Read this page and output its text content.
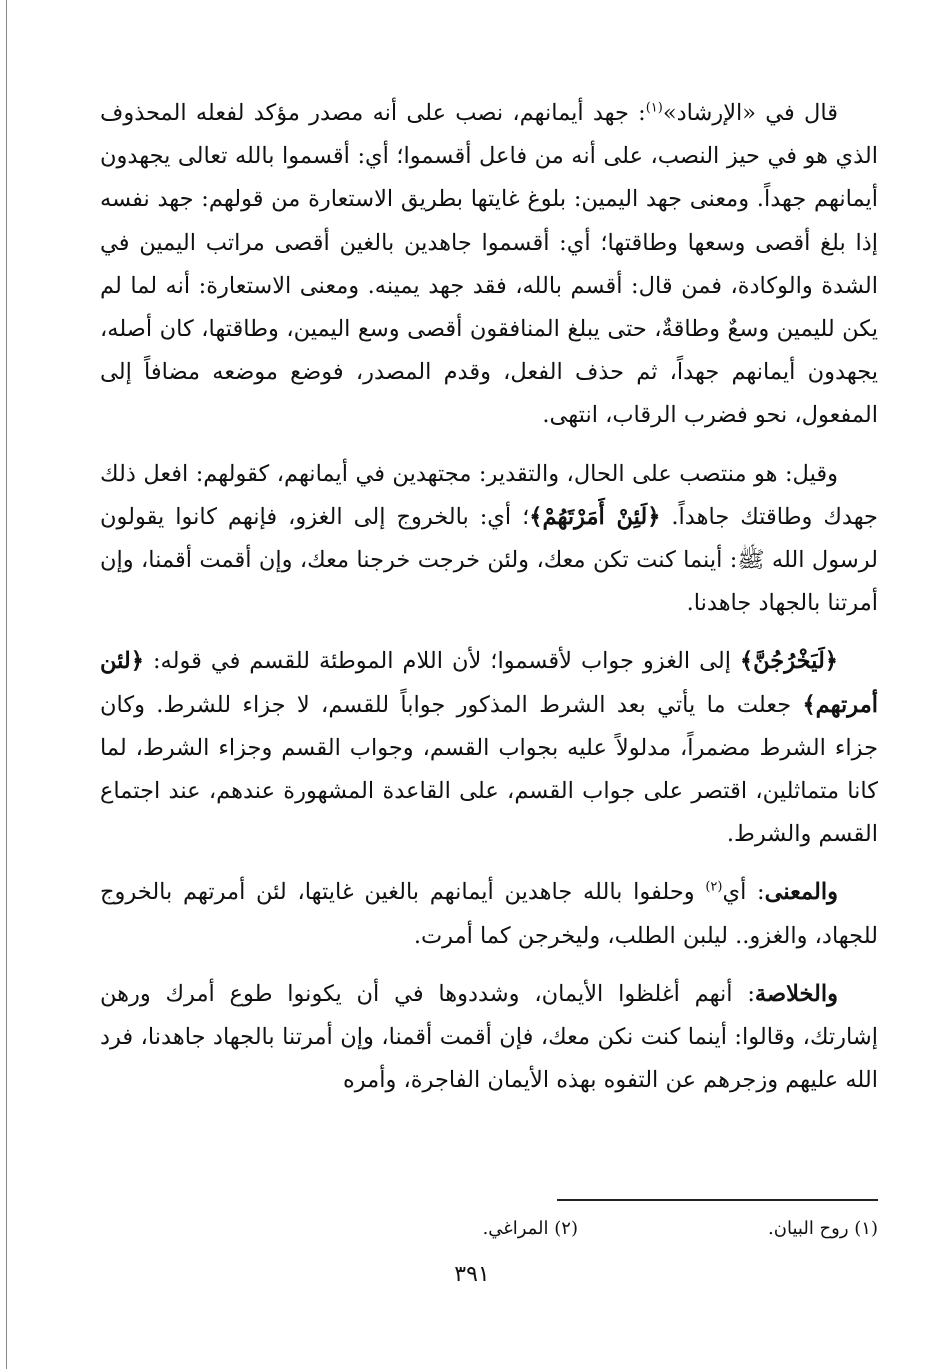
قال في «الإرشاد»$^{(١)}$: جهد أيمانهم، نصب على أنه مصدر مؤكد لفعله المحذوف الذي هو في حيز النصب، على أنه من فاعل أقسموا؛ أي: أقسموا بالله تعالى يجهدون أيمانهم جهداً. ومعنى جهد اليمين: بلوغ غايتها بطريق الاستعارة من قولهم: جهد نفسه إذا بلغ أقصى وسعها وطاقتها؛ أي: أقسموا جاهدين بالغين أقصى مراتب اليمين في الشدة والوكادة، فمن قال: أقسم بالله، فقد جهد يمينه. ومعنى الاستعارة: أنه لما لم يكن لليمين وسعٌ وطاقةٌ، حتى يبلغ المنافقون أقصى وسع اليمين، وطاقتها، كان أصله، يجهدون أيمانهم جهداً، ثم حذف الفعل، وقدم المصدر، فوضع موضعه مضافاً إلى المفعول، نحو فضرب الرقاب، انتهى.
وقيل: هو منتصب على الحال، والتقدير: مجتهدين في أيمانهم، كقولهم: افعل ذلك جهدك وطاقتك جاهداً. ﴿لَئِنْ أَمَرْتَهُمْ﴾؛ أي: بالخروج إلى الغزو، فإنهم كانوا يقولون لرسول الله ﷺ: أينما كنت تكن معك، ولئن خرجت خرجنا معك، وإن أقمت أقمنا، وإن أمرتنا بالجهاد جاهدنا.
﴿لَيَخْرُجُنَّ﴾ إلى الغزو جواب لأقسموا؛ لأن اللام الموطئة للقسم في قوله: ﴿لئن أمرتهم﴾ جعلت ما يأتي بعد الشرط المذكور جواباً للقسم، لا جزاء للشرط. وكان جزاء الشرط مضمراً، مدلولاً عليه بجواب القسم، وجواب القسم وجزاء الشرط، لما كانا متماثلين، اقتصر على جواب القسم، على القاعدة المشهورة عندهم، عند اجتماع القسم والشرط.
والمعنى: أي$^{(٢)}$ وحلفوا بالله جاهدين أيمانهم بالغين غايتها، لئن أمرتهم بالخروج للجهاد، والغزو.. ليلبن الطلب، وليخرجن كما أمرت.
والخلاصة: أنهم أغلظوا الأيمان، وشددوها في أن يكونوا طوع أمرك ورهن إشارتك، وقالوا: أينما كنت نكن معك، فإن أقمت أقمنا، وإن أمرتنا بالجهاد جاهدنا، فرد الله عليهم وزجرهم عن التفوه بهذه الأيمان الفاجرة، وأمره
(١) روح البيان.
(٢) المراغي.
٣٩١
